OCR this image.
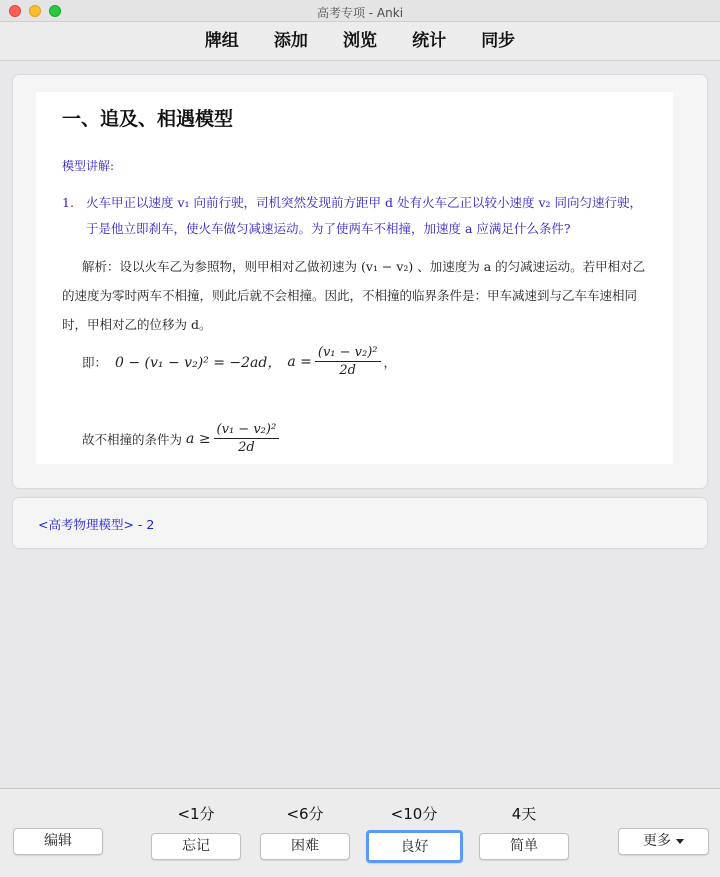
高考专项 - Anki
牌组 添加 浏览 统计 同步
一、追及、相遇模型
模型讲解:
1. 火车甲正以速度 v₁ 向前行驶，司机突然发现前方距甲 d 处有火车乙正以较小速度 v₂ 同向匀速行驶，于是他立即刹车，使火车做匀减速运动。为了使两车不相撞，加速度 a 应满足什么条件?

解析：设以火车乙为参照物，则甲相对乙做初速为 (v₁ − v₂) 、加速度为 a 的匀减速运动。若甲相对乙的速度为零时两车不相撞，则此后就不会相撞。因此，不相撞的临界条件是：甲车减速到与乙车车速相同时，甲相对乙的位移为 d。

即： 0 − (v₁ − v₂)² = −2ad， $a = \frac{\text{(v₁ − v₂)²}}{2d}$ ，
故不相撞的条件为 $a \ge \frac{\text{(v₁ − v₂)²}}{2d}$
<高考物理模型> - 2
编辑
<1分	<6分	<10分	4天
忘记	困难	良好	简单	更多
